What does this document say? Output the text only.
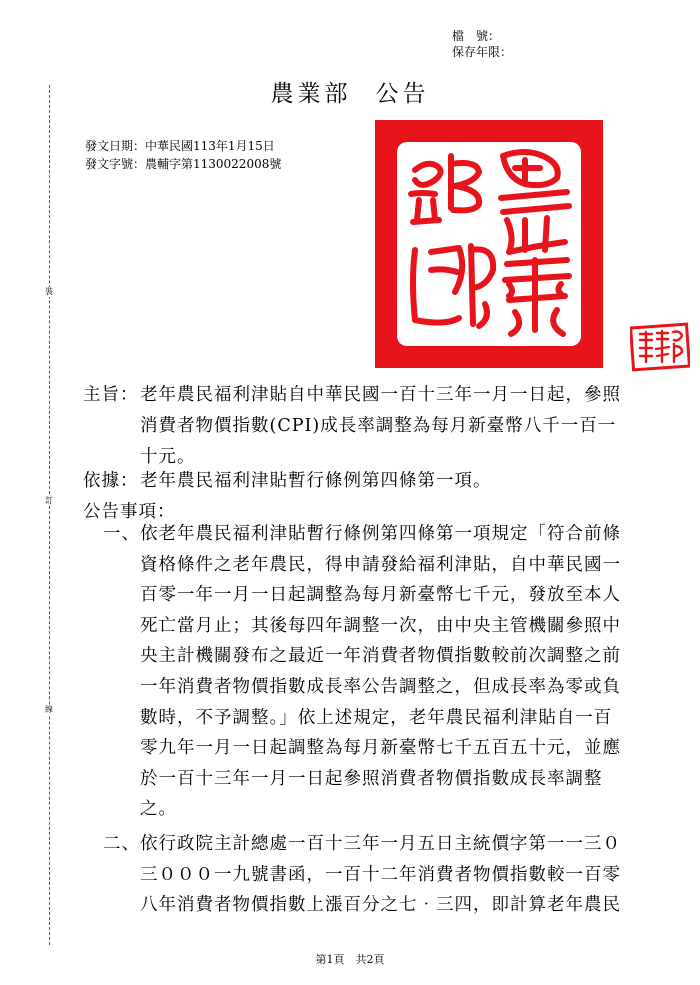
檔　號：
保存年限：
農業部 公告
發文日期：中華民國113年1月15日
發文字號：農輔字第1130022008號
裝
訂
線
主旨： 老年農民福利津貼自中華民國一百十三年一月一日起，參照
消費者物價指數(CPI)成長率調整為每月新臺幣八千一百一
十元。
依據： 老年農民福利津貼暫行條例第四條第一項。
公告事項：
一、 依老年農民福利津貼暫行條例第四條第一項規定「符合前條
資格條件之老年農民，得申請發給福利津貼，自中華民國一
百零一年一月一日起調整為每月新臺幣七千元，發放至本人
死亡當月止；其後每四年調整一次，由中央主管機關參照中
央主計機關發布之最近一年消費者物價指數較前次調整之前
一年消費者物價指數成長率公告調整之，但成長率為零或負
數時，不予調整。」依上述規定，老年農民福利津貼自一百
零九年一月一日起調整為每月新臺幣七千五百五十元，並應
於一百十三年一月一日起參照消費者物價指數成長率調整
之。
二、 依行政院主計總處一百十三年一月五日主統價字第一一三０
三０００一九號書函，一百十二年消費者物價指數較一百零
八年消費者物價指數上漲百分之七‧三四，即計算老年農民
第1頁　共2頁
